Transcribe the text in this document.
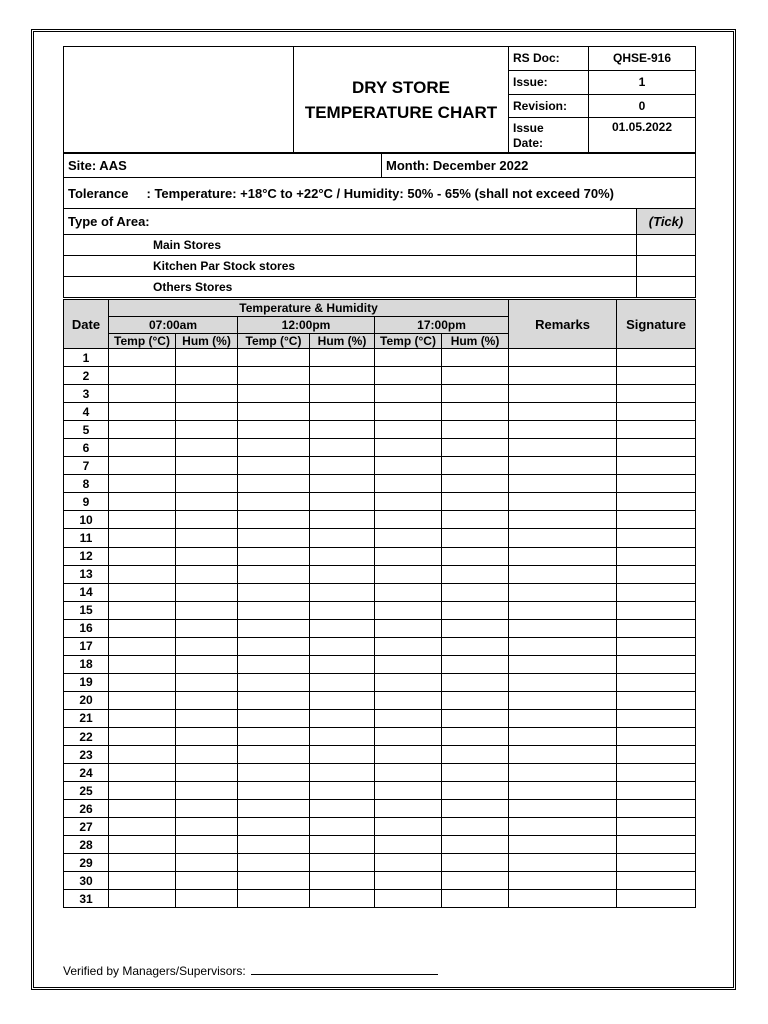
	DRY STORE
TEMPERATURE CHART	RS Doc:	QHSE-916
		Issue:	1
		Revision:	0

		Issue
Date:	01.05.2022
Site: AAS	Month: December 2022	
Tolerance     : Temperature: +18°C to +22°C / Humidity: 50% - 65% (shall not exceed 70%)		
Type of Area:		(Tick)
Main Stores		
Kitchen Par Stock stores		
Others Stores		
Date	Temperature & Humidity						Remarks	Signature
	07:00am		12:00pm		17:00pm			
	Temp (°C)	Hum (%)	Temp (°C)	Hum (%)	Temp (°C)	Hum (%)		
1								
2								
3								
4								
5								
6								
7								
8								
9								
10								
11								
12								
13								
14								
15								
16								
17								
18								
19								
20								
21								
22								
23								
24								
25								
26								
27								
28								
29								
30								
31								
Verified by Managers/Supervisors:
